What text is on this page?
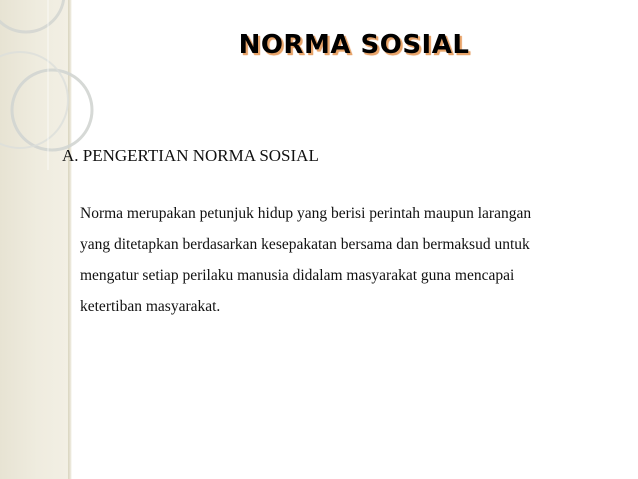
NORMA SOSIAL
A. PENGERTIAN NORMA SOSIAL
Norma merupakan petunjuk hidup yang berisi perintah maupun larangan
yang ditetapkan berdasarkan kesepakatan bersama dan bermaksud untuk
mengatur setiap perilaku manusia didalam masyarakat guna mencapai
ketertiban masyarakat.
